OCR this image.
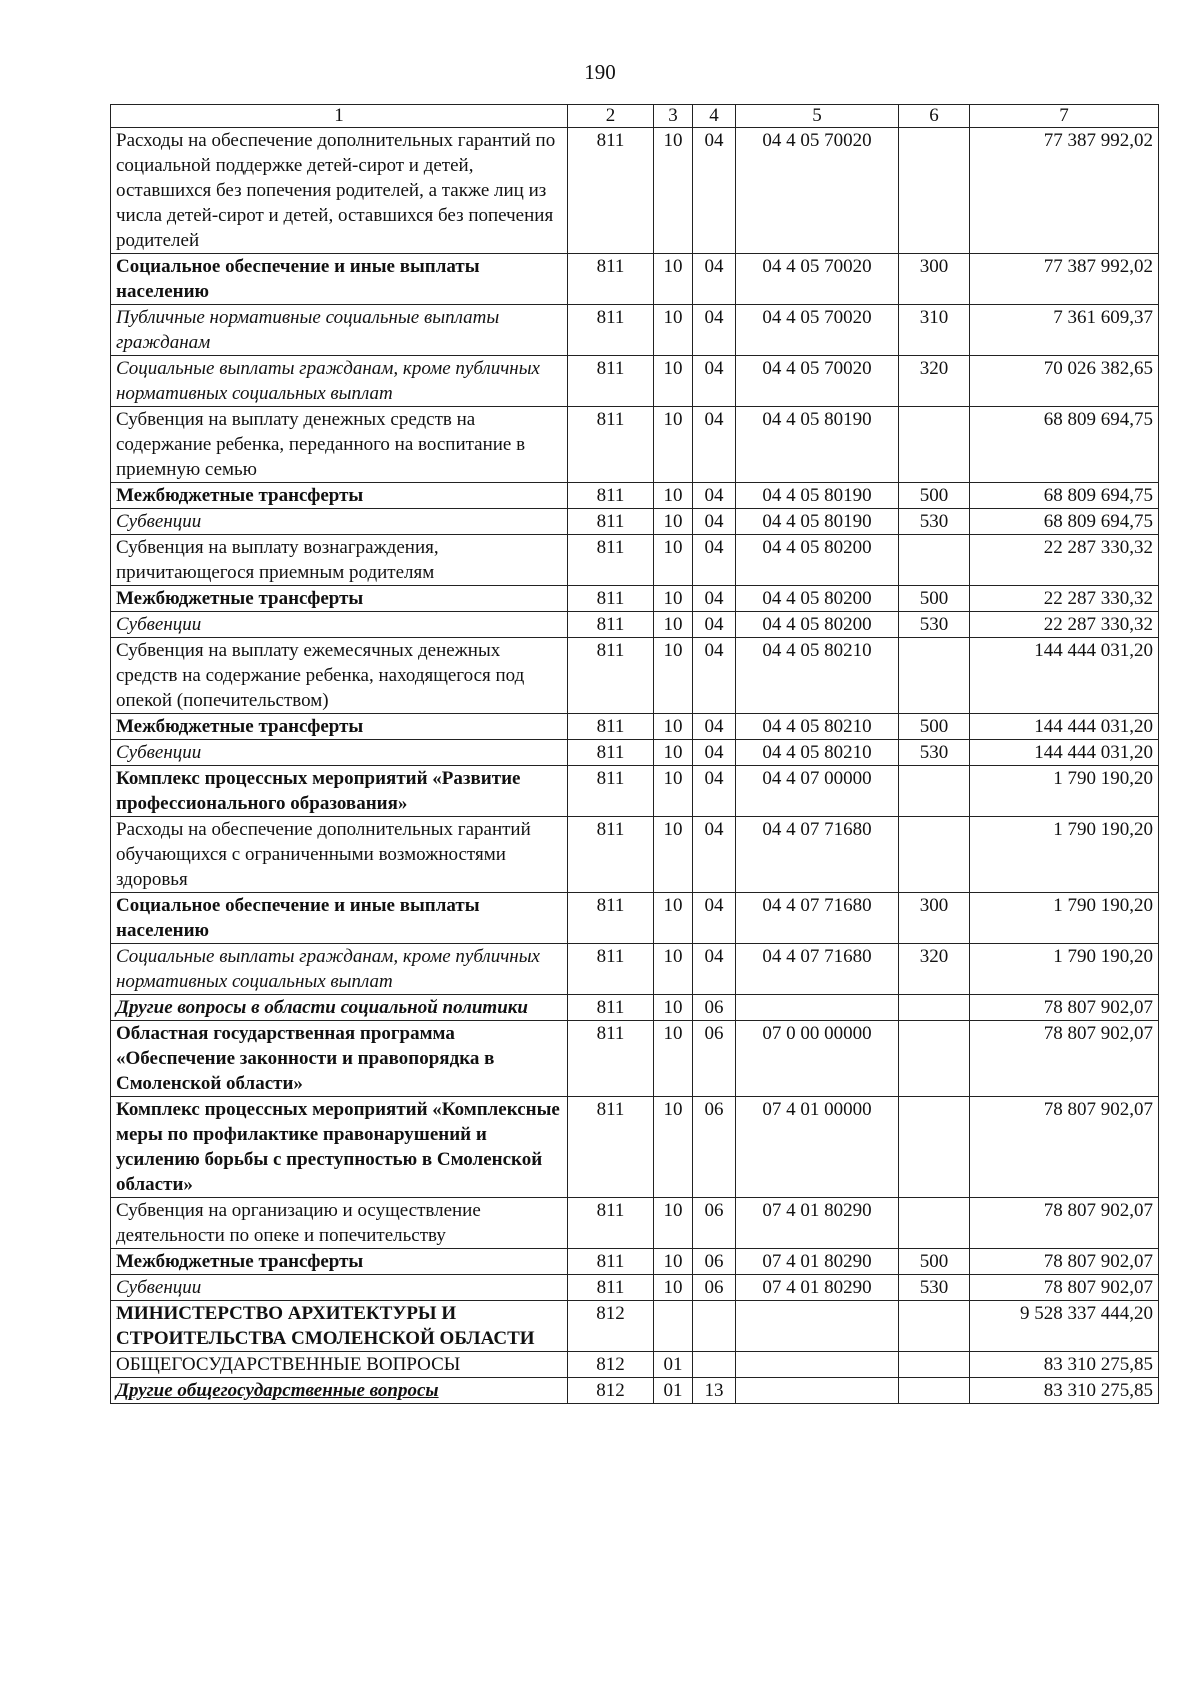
190
1	2	3	4	5	6	7
Расходы на обеспечение дополнительных гарантий по социальной поддержке детей-сирот и детей, оставшихся без попечения родителей, а также лиц из числа детей-сирот и детей, оставшихся без попечения родителей	811	10	04	04 4 05 70020		77 387 992,02
Социальное обеспечение и иные выплаты населению	811	10	04	04 4 05 70020	300	77 387 992,02
Публичные нормативные социальные выплаты гражданам	811	10	04	04 4 05 70020	310	7 361 609,37
Социальные выплаты гражданам, кроме публичных нормативных социальных выплат	811	10	04	04 4 05 70020	320	70 026 382,65
Субвенция на выплату денежных средств на содержание ребенка, переданного на воспитание в приемную семью	811	10	04	04 4 05 80190		68 809 694,75
Межбюджетные трансферты	811	10	04	04 4 05 80190	500	68 809 694,75
Субвенции	811	10	04	04 4 05 80190	530	68 809 694,75
Субвенция на выплату вознаграждения, причитающегося приемным родителям	811	10	04	04 4 05 80200		22 287 330,32
Межбюджетные трансферты	811	10	04	04 4 05 80200	500	22 287 330,32
Субвенции	811	10	04	04 4 05 80200	530	22 287 330,32
Субвенция на выплату ежемесячных денежных средств на содержание ребенка, находящегося под опекой (попечительством)	811	10	04	04 4 05 80210		144 444 031,20
Межбюджетные трансферты	811	10	04	04 4 05 80210	500	144 444 031,20
Субвенции	811	10	04	04 4 05 80210	530	144 444 031,20
Комплекс процессных мероприятий «Развитие профессионального образования»	811	10	04	04 4 07 00000		1 790 190,20
Расходы на обеспечение дополнительных гарантий обучающихся с ограниченными возможностями здоровья	811	10	04	04 4 07 71680		1 790 190,20
Социальное обеспечение и иные выплаты населению	811	10	04	04 4 07 71680	300	1 790 190,20
Социальные выплаты гражданам, кроме публичных нормативных социальных выплат	811	10	04	04 4 07 71680	320	1 790 190,20
Другие вопросы в области социальной политики	811	10	06			78 807 902,07
Областная государственная программа «Обеспечение законности и правопорядка в Смоленской области»	811	10	06	07 0 00 00000		78 807 902,07
Комплекс процессных мероприятий «Комплексные меры по профилактике правонарушений и усилению борьбы с преступностью в Смоленской области»	811	10	06	07 4 01 00000		78 807 902,07
Субвенция на организацию и осуществление деятельности по опеке и попечительству	811	10	06	07 4 01 80290		78 807 902,07
Межбюджетные трансферты	811	10	06	07 4 01 80290	500	78 807 902,07
Субвенции	811	10	06	07 4 01 80290	530	78 807 902,07
МИНИСТЕРСТВО АРХИТЕКТУРЫ И СТРОИТЕЛЬСТВА СМОЛЕНСКОЙ ОБЛАСТИ	812					9 528 337 444,20
ОБЩЕГОСУДАРСТВЕННЫЕ ВОПРОСЫ	812	01				83 310 275,85
Другие общегосударственные вопросы	812	01	13			83 310 275,85
